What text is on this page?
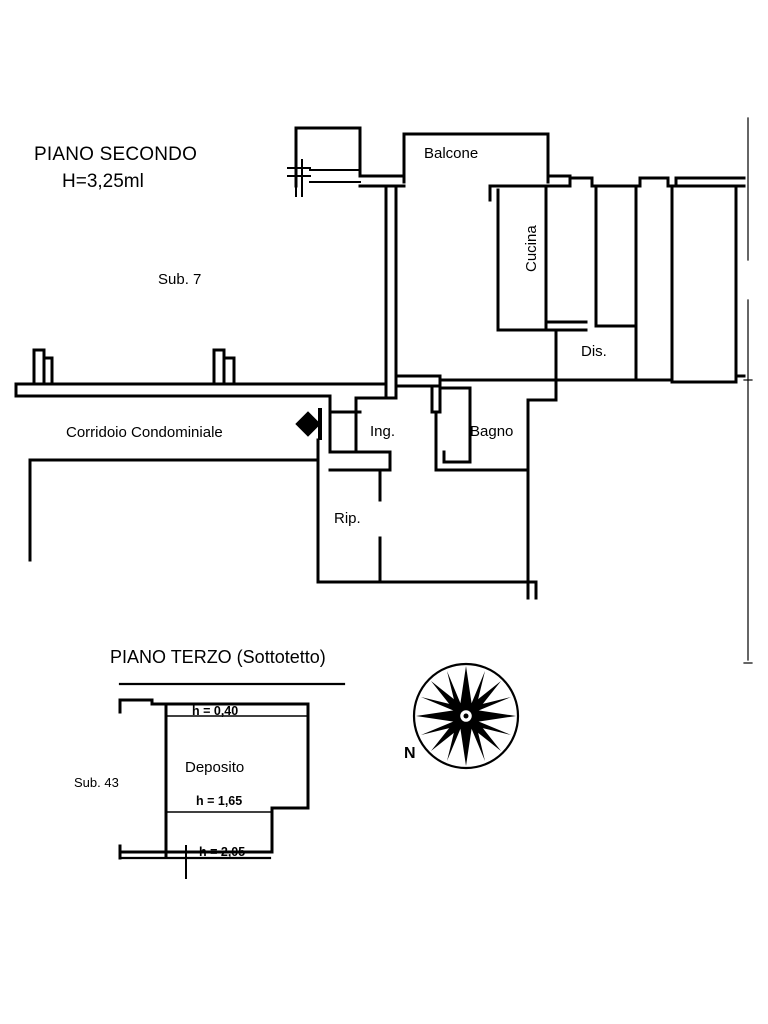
PIANO SECONDO
H=3,25ml
Sub. 7
Balcone
Cucina
Dis.
Corridoio Condominiale	Ing.	Bagno
Rip.
PIANO TERZO (Sottotetto)
h = 0,40
Deposito
h = 1,65
h = 2,05
Sub. 43
N
